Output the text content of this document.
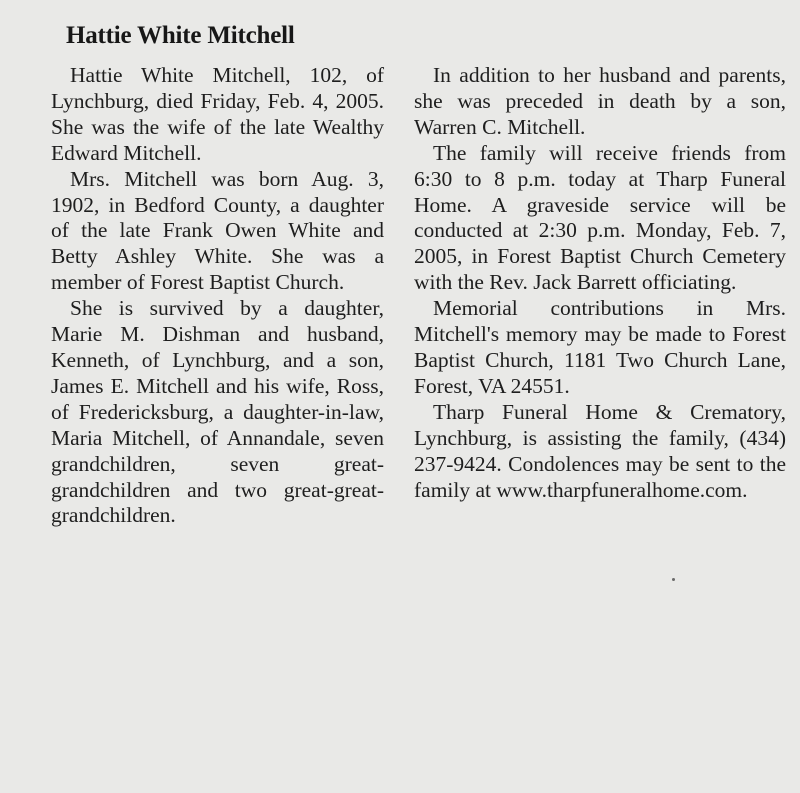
Hattie White Mitchell

Hattie White Mitchell, 102, of Lynchburg, died Friday, Feb. 4, 2005. She was the wife of the late Wealthy Edward Mitchell.

Mrs. Mitchell was born Aug. 3, 1902, in Bedford County, a daughter of the late Frank Owen White and Betty Ashley White. She was a member of Forest Baptist Church.

She is survived by a daughter, Marie M. Dishman and husband, Kenneth, of Lynchburg, and a son, James E. Mitchell and his wife, Ross, of Fredericksburg, a daughter-in-law, Maria Mitchell, of Annandale, seven grandchildren, seven great-grandchildren and two great-great-grandchildren.

In addition to her husband and parents, she was preceded in death by a son, Warren C. Mitchell.

The family will receive friends from 6:30 to 8 p.m. today at Tharp Funeral Home. A graveside service will be conducted at 2:30 p.m. Monday, Feb. 7, 2005, in Forest Baptist Church Cemetery with the Rev. Jack Barrett officiating.

Memorial contributions in Mrs. Mitchell's memory may be made to Forest Baptist Church, 1181 Two Church Lane, Forest, VA 24551.

Tharp Funeral Home & Crematory, Lynchburg, is assisting the family, (434) 237-9424. Condolences may be sent to the family at www.tharpfuneralhome.com.
